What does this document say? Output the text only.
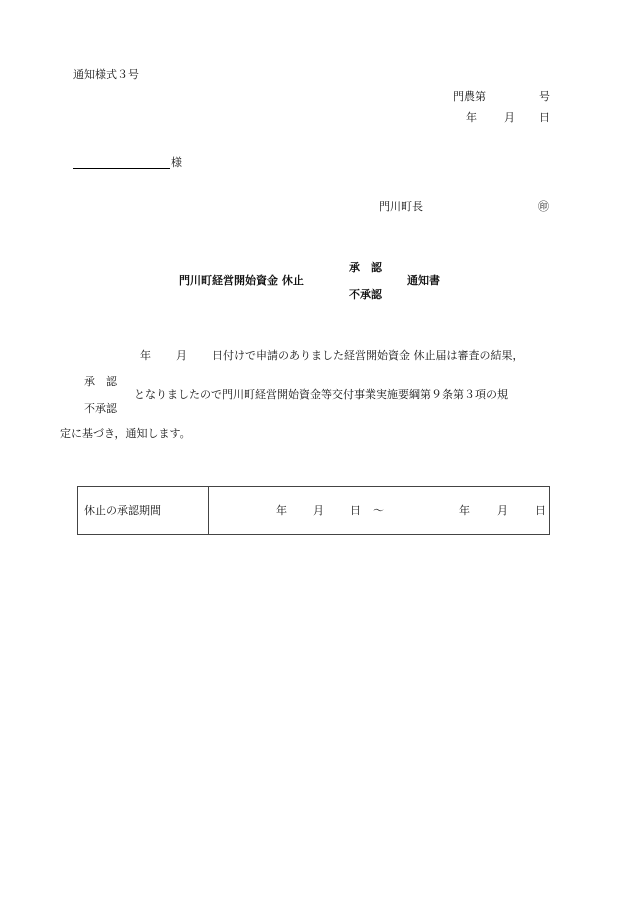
通知様式３号
門農第	号
年 月 日
様
門川町長	㊞
門川町経営開始資金 休止
承　認
不承認
通知書
年 月 日付けで申請のありました経営開始資金 休止届は審査の結果，
承　認
不承認
となりましたので門川町経営開始資金等交付事業実施要綱第９条第３項の規
定に基づき，通知します。
休止の承認期間	年 月 日 ～	年 月 日
